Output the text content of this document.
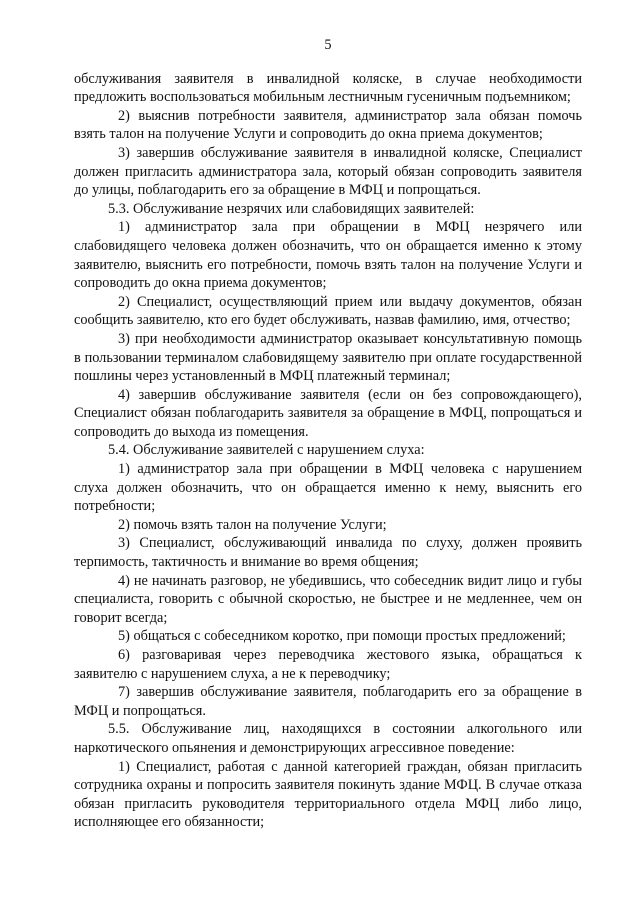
5

обслуживания заявителя в инвалидной коляске, в случае необходимости предложить воспользоваться мобильным лестничным гусеничным подъемником;

2) выяснив потребности заявителя, администратор зала обязан помочь взять талон на получение Услуги и сопроводить до окна приема документов;

3) завершив обслуживание заявителя в инвалидной коляске, Специалист должен пригласить администратора зала, который обязан сопроводить заявителя до улицы, поблагодарить его за обращение в МФЦ и попрощаться.

5.3. Обслуживание незрячих или слабовидящих заявителей:

1) администратор зала при обращении в МФЦ незрячего или слабовидящего человека должен обозначить, что он обращается именно к этому заявителю, выяснить его потребности, помочь взять талон на получение Услуги и сопроводить до окна приема документов;

2) Специалист, осуществляющий прием или выдачу документов, обязан сообщить заявителю, кто его будет обслуживать, назвав фамилию, имя, отчество;

3) при необходимости администратор оказывает консультативную помощь в пользовании терминалом слабовидящему заявителю при оплате государственной пошлины через установленный в МФЦ платежный терминал;

4) завершив обслуживание заявителя (если он без сопровождающего), Специалист обязан поблагодарить заявителя за обращение в МФЦ, попрощаться и сопроводить до выхода из помещения.

5.4. Обслуживание заявителей с нарушением слуха:

1) администратор зала при обращении в МФЦ человека с нарушением слуха должен обозначить, что он обращается именно к нему, выяснить его потребности;

2) помочь взять талон на получение Услуги;

3) Специалист, обслуживающий инвалида по слуху, должен проявить терпимость, тактичность и внимание во время общения;

4) не начинать разговор, не убедившись, что собеседник видит лицо и губы специалиста, говорить с обычной скоростью, не быстрее и не медленнее, чем он говорит всегда;

5) общаться с собеседником коротко, при помощи простых предложений;

6) разговаривая через переводчика жестового языка, обращаться к заявителю с нарушением слуха, а не к переводчику;

7) завершив обслуживание заявителя, поблагодарить его за обращение в МФЦ и попрощаться.

5.5. Обслуживание лиц, находящихся в состоянии алкогольного или наркотического опьянения и демонстрирующих агрессивное поведение:

1) Специалист, работая с данной категорией граждан, обязан пригласить сотрудника охраны и попросить заявителя покинуть здание МФЦ. В случае отказа обязан пригласить руководителя территориального отдела МФЦ либо лицо, исполняющее его обязанности;
